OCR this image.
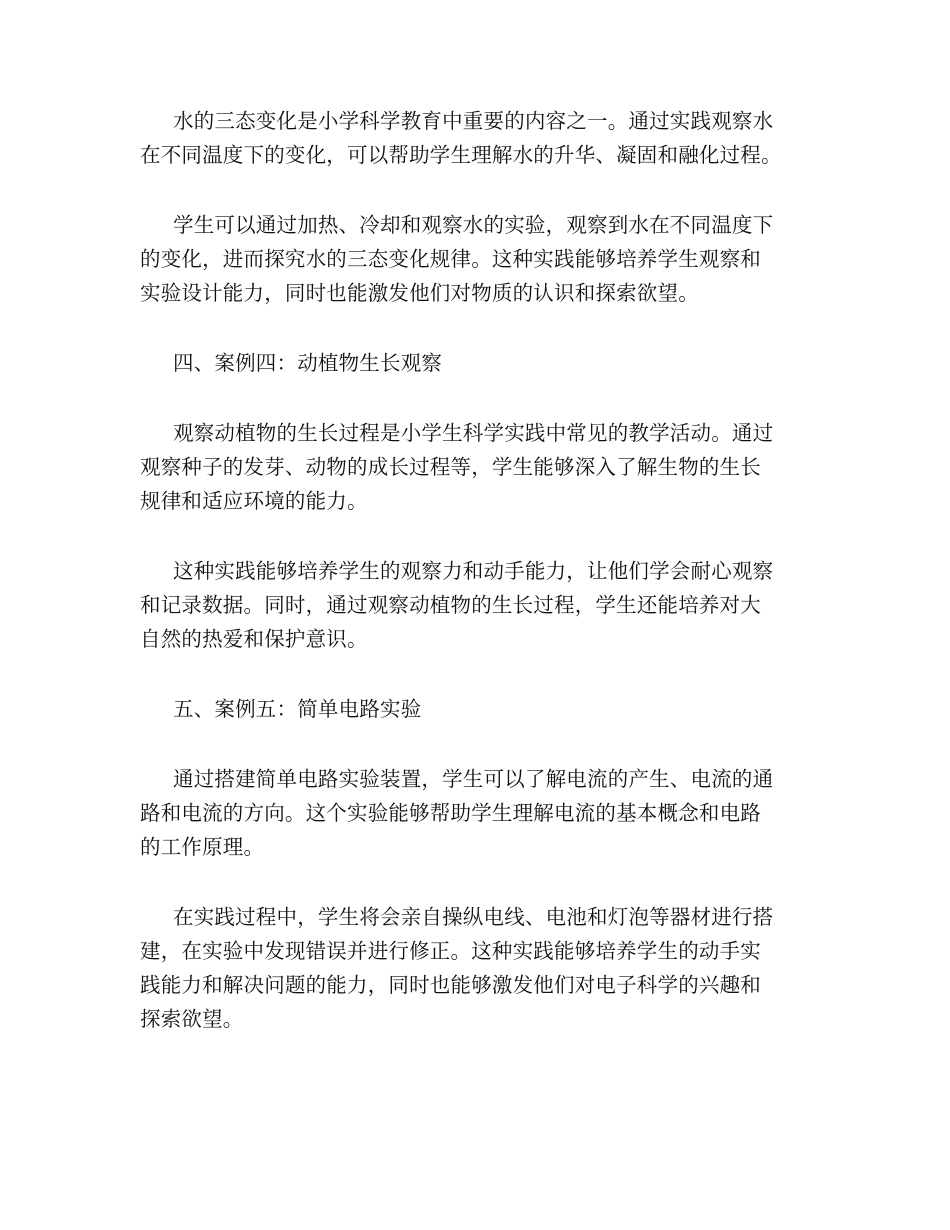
水的三态变化是小学科学教育中重要的内容之一。通过实践观察水
在不同温度下的变化，可以帮助学生理解水的升华、凝固和融化过程。

学生可以通过加热、冷却和观察水的实验，观察到水在不同温度下
的变化，进而探究水的三态变化规律。这种实践能够培养学生观察和
实验设计能力，同时也能激发他们对物质的认识和探索欲望。

四、案例四：动植物生长观察

观察动植物的生长过程是小学生科学实践中常见的教学活动。通过
观察种子的发芽、动物的成长过程等，学生能够深入了解生物的生长
规律和适应环境的能力。

这种实践能够培养学生的观察力和动手能力，让他们学会耐心观察
和记录数据。同时，通过观察动植物的生长过程，学生还能培养对大
自然的热爱和保护意识。

五、案例五：简单电路实验

通过搭建简单电路实验装置，学生可以了解电流的产生、电流的通
路和电流的方向。这个实验能够帮助学生理解电流的基本概念和电路
的工作原理。

在实践过程中，学生将会亲自操纵电线、电池和灯泡等器材进行搭
建，在实验中发现错误并进行修正。这种实践能够培养学生的动手实
践能力和解决问题的能力，同时也能够激发他们对电子科学的兴趣和
探索欲望。
